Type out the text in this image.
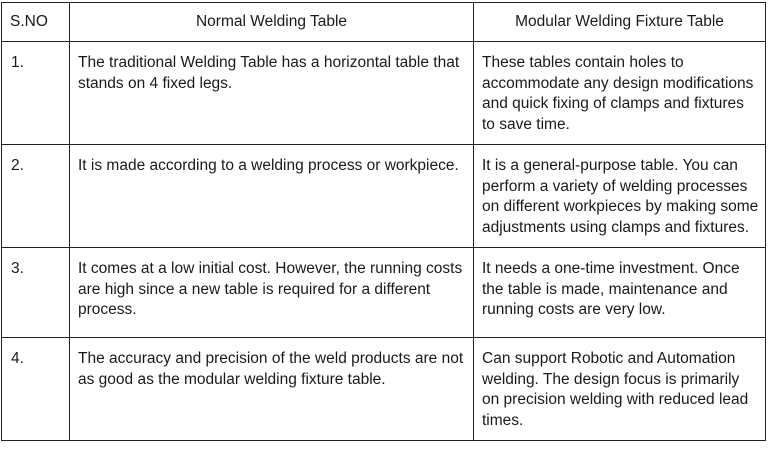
S.NO	Normal Welding Table	Modular Welding Fixture Table
1.	The traditional Welding Table has a horizontal table that stands on 4 fixed legs.	These tables contain holes to accommodate any design modifications and quick fixing of clamps and fixtures to save time.
2.	It is made according to a welding process or workpiece.	It is a general-purpose table. You can perform a variety of welding processes on different workpieces by making some adjustments using clamps and fixtures.
3.	It comes at a low initial cost. However, the running costs are high since a new table is required for a different process.	It needs a one-time investment. Once the table is made, maintenance and running costs are very low.
4.	The accuracy and precision of the weld products are not as good as the modular welding fixture table.	Can support Robotic and Automation welding. The design focus is primarily on precision welding with reduced lead times.
